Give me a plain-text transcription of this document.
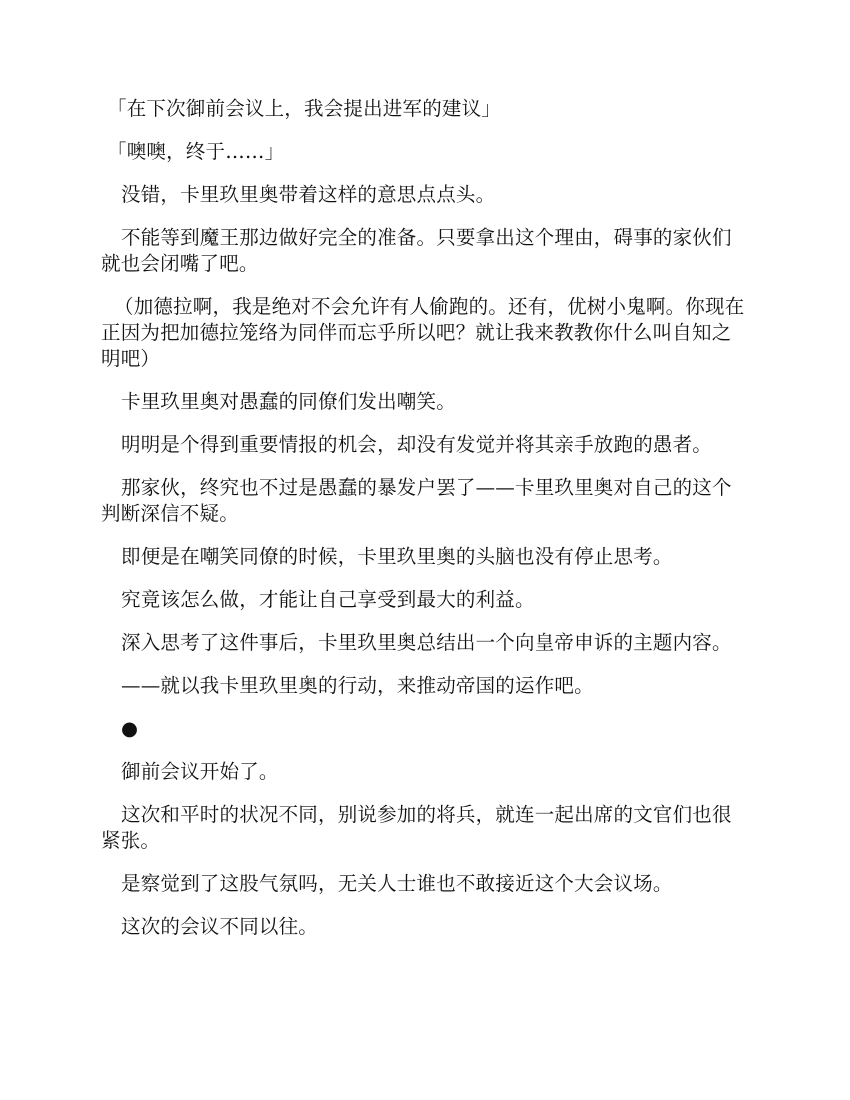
「在下次御前会议上，我会提出进军的建议」

「噢噢，终于……」

没错，卡里玖里奥带着这样的意思点点头。

不能等到魔王那边做好完全的准备。只要拿出这个理由，碍事的家伙们就也会闭嘴了吧。

（加德拉啊，我是绝对不会允许有人偷跑的。还有，优树小鬼啊。你现在正因为把加德拉笼络为同伴而忘乎所以吧？就让我来教教你什么叫自知之明吧）

卡里玖里奥对愚蠢的同僚们发出嘲笑。

明明是个得到重要情报的机会，却没有发觉并将其亲手放跑的愚者。

那家伙，终究也不过是愚蠢的暴发户罢了——卡里玖里奥对自己的这个判断深信不疑。

即便是在嘲笑同僚的时候，卡里玖里奥的头脑也没有停止思考。

究竟该怎么做，才能让自己享受到最大的利益。

深入思考了这件事后，卡里玖里奥总结出一个向皇帝申诉的主题内容。

——就以我卡里玖里奥的行动，来推动帝国的运作吧。

●

御前会议开始了。

这次和平时的状况不同，别说参加的将兵，就连一起出席的文官们也很紧张。

是察觉到了这股气氛吗，无关人士谁也不敢接近这个大会议场。

这次的会议不同以往。
